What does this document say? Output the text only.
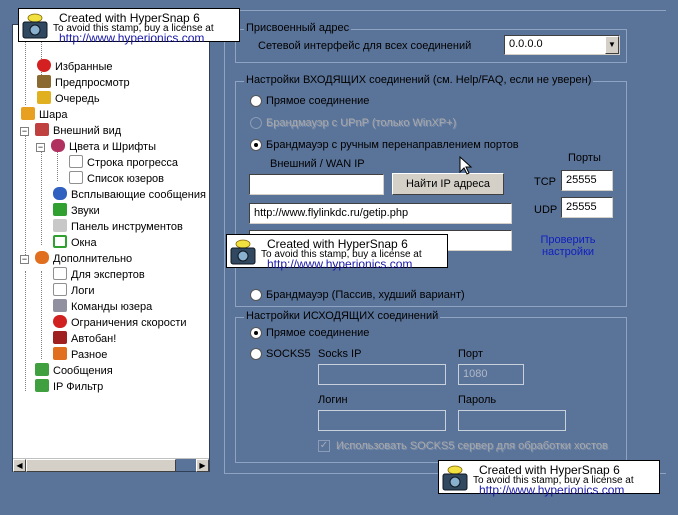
Избранные
Предпросмотр
Очередь
Шара
−	Внешний вид
−	Цвета и Шрифты
Строка прогресса
Список юзеров
Всплывающие сообщения
Звуки
Панель инструментов
Окна
−	Дополнительно
Для экспертов
Логи
Команды юзера
Ограничения скорости
Автобан!
Разное
Сообщения
IP Фильтр
◀	▶
Присвоенный адрес
Сетевой интерфейс для всех соединений	0.0.0.0	▼
Настройки ВХОДЯЩИХ соединений (см. Help/FAQ, если не уверен)
Прямое соединение
Брандмауэр с UPnP (только WinXP+)
Брандмауэр с ручным перенаправлением портов
Внешний / WAN IP	Порты
Найти IP адреса	TCP 25555
http://www.flylinkdc.ru/getip.php	UDP 25555
Проверить настройки
Брандмауэр (Пассив, худший вариант)
Настройки ИСХОДЯЩИХ соединений
Прямое соединение
SOCKS5 Socks IP	Порт
1080
Логин	Пароль
✓ Использовать SOCKS5 сервер для обработки хостов
Created with HyperSnap 6
To avoid this stamp, buy a license at
http://www.hyperionics.com
Created with HyperSnap 6
To avoid this stamp, buy a license at
http://www.hyperionics.com
Created with HyperSnap 6
To avoid this stamp, buy a license at
http://www.hyperionics.com
